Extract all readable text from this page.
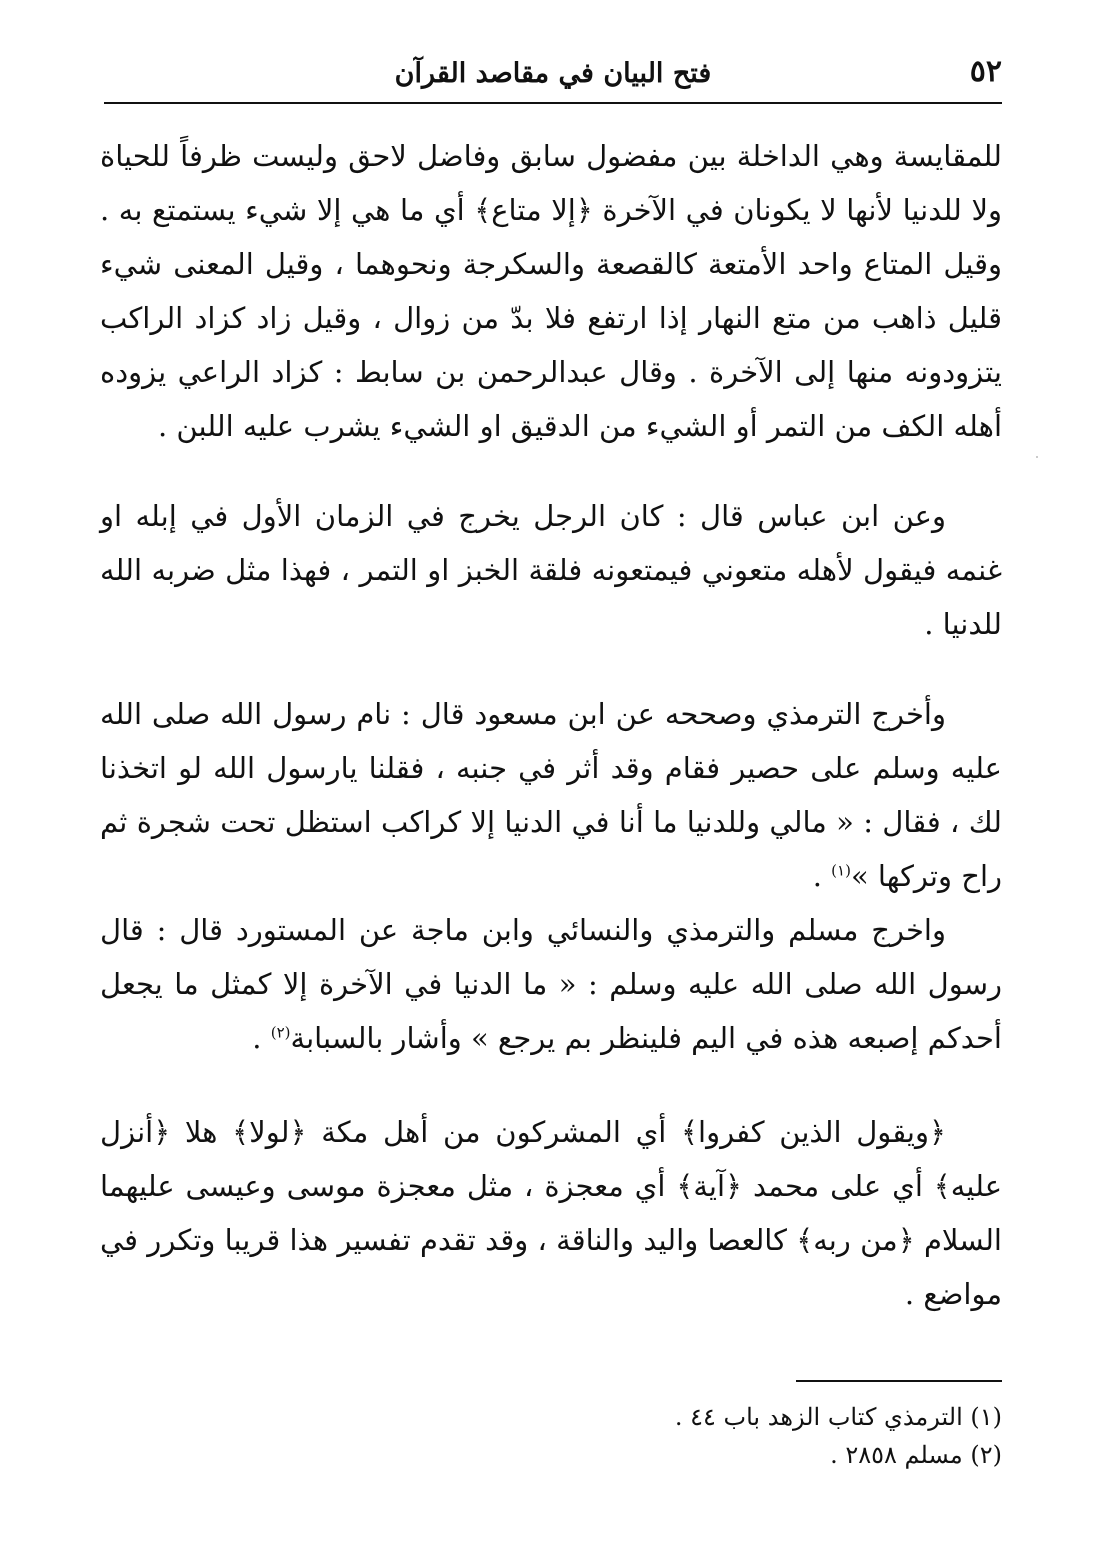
٥٢
فتح البيان في مقاصد القرآن

للمقايسة وهي الداخلة بين مفضول سابق وفاضل لاحق وليست ظرفاً للحياة ولا للدنيا لأنها لا يكونان في الآخرة ﴿إلا متاع﴾ أي ما هي إلا شيء يستمتع به . وقيل المتاع واحد الأمتعة كالقصعة والسكرجة ونحوهما ، وقيل المعنى شيء قليل ذاهب من متع النهار إذا ارتفع فلا بدّ من زوال ، وقيل زاد كزاد الراكب يتزودونه منها إلى الآخرة . وقال عبدالرحمن بن سابط : كزاد الراعي يزوده أهله الكف من التمر أو الشيء من الدقيق او الشيء يشرب عليه اللبن .

وعن ابن عباس قال : كان الرجل يخرج في الزمان الأول في إبله او غنمه فيقول لأهله متعوني فيمتعونه فلقة الخبز او التمر ، فهذا مثل ضربه الله للدنيا .

وأخرج الترمذي وصححه عن ابن مسعود قال : نام رسول الله صلى الله عليه وسلم على حصير فقام وقد أثر في جنبه ، فقلنا يارسول الله لو اتخذنا لك ، فقال : « مالي وللدنيا ما أنا في الدنيا إلا كراكب استظل تحت شجرة ثم راح وتركها »$^{(١)}$ .

واخرج مسلم والترمذي والنسائي وابن ماجة عن المستورد قال : قال رسول الله صلى الله عليه وسلم : « ما الدنيا في الآخرة إلا كمثل ما يجعل أحدكم إصبعه هذه في اليم فلينظر بم يرجع » وأشار بالسبابة$^{(٢)}$ .

﴿ويقول الذين كفروا﴾ أي المشركون من أهل مكة ﴿لولا﴾ هلا ﴿أنزل عليه﴾ أي على محمد ﴿آية﴾ أي معجزة ، مثل معجزة موسى وعيسى عليهما السلام ﴿من ربه﴾ كالعصا واليد والناقة ، وقد تقدم تفسير هذا قريبا وتكرر في مواضع .

(١) الترمذي كتاب الزهد باب ٤٤ .

(٢) مسلم ٢٨٥٨ .
